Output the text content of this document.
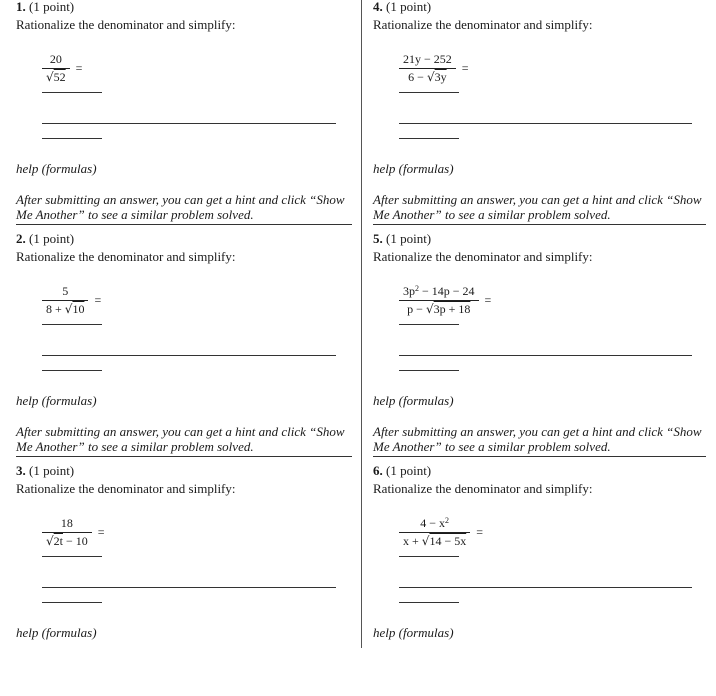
1. (1 point)
Rationalize the denominator and simplify:
$\frac{20}{√52}$ =
help (formulas)
After submitting an answer, you can get a hint and click “Show Me Another” to see a similar problem solved.
2. (1 point)
Rationalize the denominator and simplify:
$\frac{5}{8 + √10}$ =
help (formulas)
After submitting an answer, you can get a hint and click “Show Me Another” to see a similar problem solved.
3. (1 point)
Rationalize the denominator and simplify:
$\frac{18}{√2t - 10}$ =
help (formulas)
4. (1 point)
Rationalize the denominator and simplify:
$\frac{21y - 252}{6 - √3y}$ =
help (formulas)
After submitting an answer, you can get a hint and click “Show Me Another” to see a similar problem solved.
5. (1 point)
Rationalize the denominator and simplify:
$\frac{3p^2 - 14p - 24}{p - √3p + 18}$ =
help (formulas)
After submitting an answer, you can get a hint and click “Show Me Another” to see a similar problem solved.
6. (1 point)
Rationalize the denominator and simplify:
$\frac{4 - x^2}{x + √14 - 5x}$ =
help (formulas)
